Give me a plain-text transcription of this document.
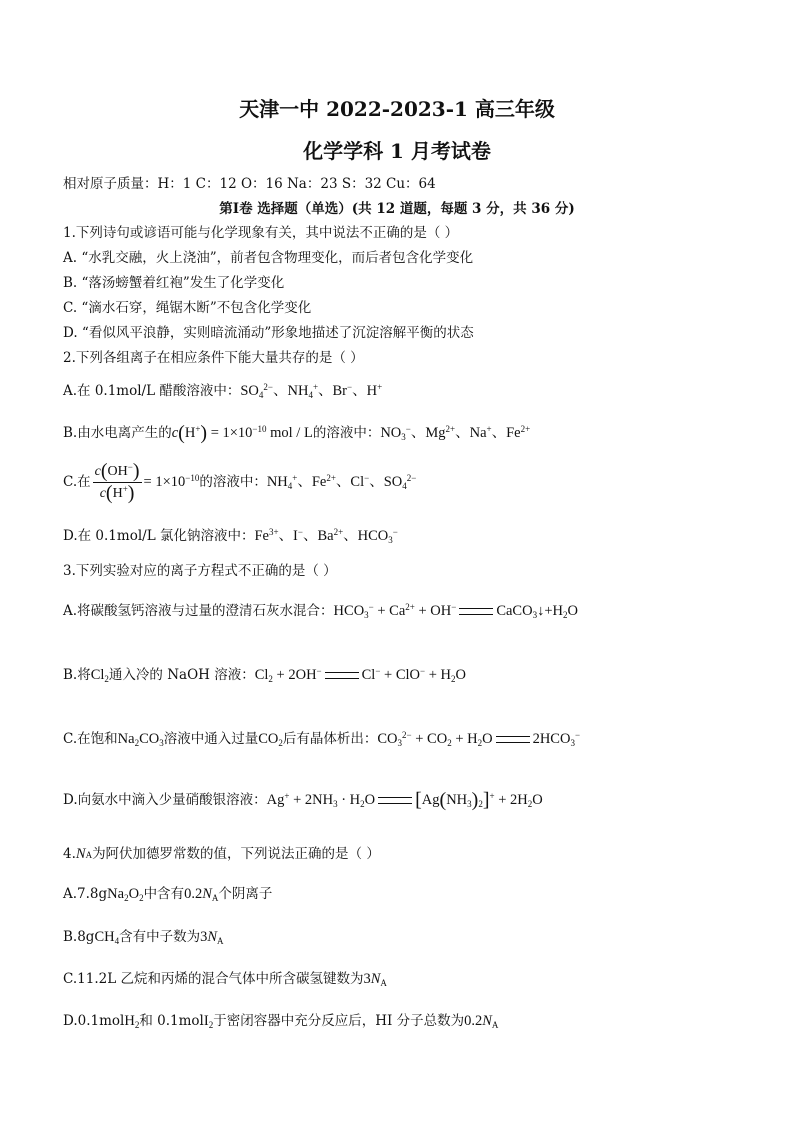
天津一中 2022-2023-1 高三年级
化学学科 1 月考试卷
相对原子质量：H：1 C：12 O：16 Na：23 S：32 Cu：64
第Ⅰ卷 选择题（单选）(共 12 道题，每题 3 分，共 36 分)
1.下列诗句或谚语可能与化学现象有关，其中说法不正确的是（ ）
A. “水乳交融，火上浇油”，前者包含物理变化，而后者包含化学变化
B. “落汤螃蟹着红袍”发生了化学变化
C. “滴水石穿，绳锯木断”不包含化学变化
D. “看似风平浪静，实则暗流涌动”形象地描述了沉淀溶解平衡的状态
2.下列各组离子在相应条件下能大量共存的是（ ）
A.在 0.1mol/L 醋酸溶液中：$SO_4^{2-}$、$NH_4^+$、Br−、H+
B.由水电离产生的$c(H^+) = 1\times 10^{-10}$ mol / L的溶液中：$NO_3^-$、$Mg^{2+}$、Na+、$Fe^{2+}$
C.在 $\frac{c(OH^-)}{c(H^+)} = 1\times 10^{-10}$的溶液中：$NH_4^+$、$Fe^{2+}$、Cl−、$SO_4^{2-}$
D.在 0.1mol/L 氯化钠溶液中：$Fe^{3+}$、I−、$Ba^{2+}$、$HCO_3^-$
3.下列实验对应的离子方程式不正确的是（ ）
A.将碳酸氢钙溶液与过量的澄清石灰水混合：$HCO_3^- + Ca^{2+} + OH^-$	$CaCO_3↓+H_2O$
B.将$Cl_2$通入冷的 NaOH 溶液：$Cl_2 + 2OH^-$	$Cl^- + ClO^- + H_2O$
C.在饱和$Na_2CO_3$溶液中通入过量$CO_2$后有晶体析出：$CO_3^{2-} + CO_2 + H_2O$	$2HCO_3^-$
D.向氨水中滴入少量硝酸银溶液：$Ag^+ + 2NH_3 \cdot H_2O$ $[Ag(NH_3)_2]^+ + 2H_2O$
4.NA为阿伏加德罗常数的值，下列说法正确的是（ ）
$A.7.8gNa_2O_2$中含有$0.2N_A$个阴离子
B.8gCH$_4$含有中子数为$3N_A$
C.11.2L 乙烷和丙烯的混合气体中所含碳氢键数为$3N_A$
D.0.1molH$_2$和 0.1molI$_2$于密闭容器中充分反应后，HI 分子总数为$0.2N_A$
